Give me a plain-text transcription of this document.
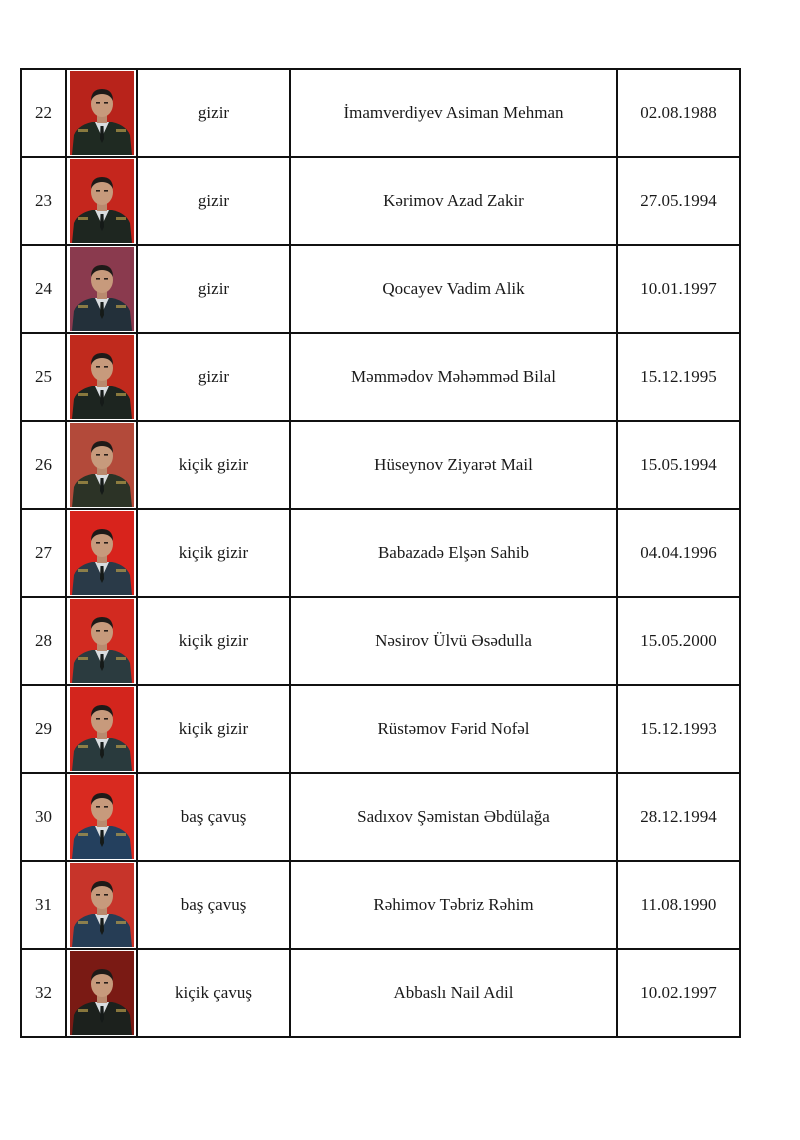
22		gizir	İmamverdiyev Asiman Mehman	02.08.1988
23		gizir	Kərimov Azad Zakir	27.05.1994
24		gizir	Qocayev Vadim Alik	10.01.1997
25		gizir	Məmmədov Məhəmməd Bilal	15.12.1995
26		kiçik gizir	Hüseynov Ziyarət Mail	15.05.1994
27		kiçik gizir	Babazadə Elşən Sahib	04.04.1996
28		kiçik gizir	Nəsirov Ülvü Əsədulla	15.05.2000
29		kiçik gizir	Rüstəmov Fərid Nofəl	15.12.1993
30		baş çavuş	Sadıxov Şəmistan Əbdülağa	28.12.1994
31		baş çavuş	Rəhimov Təbriz Rəhim	11.08.1990
32		kiçik çavuş	Abbaslı Nail Adil	10.02.1997
